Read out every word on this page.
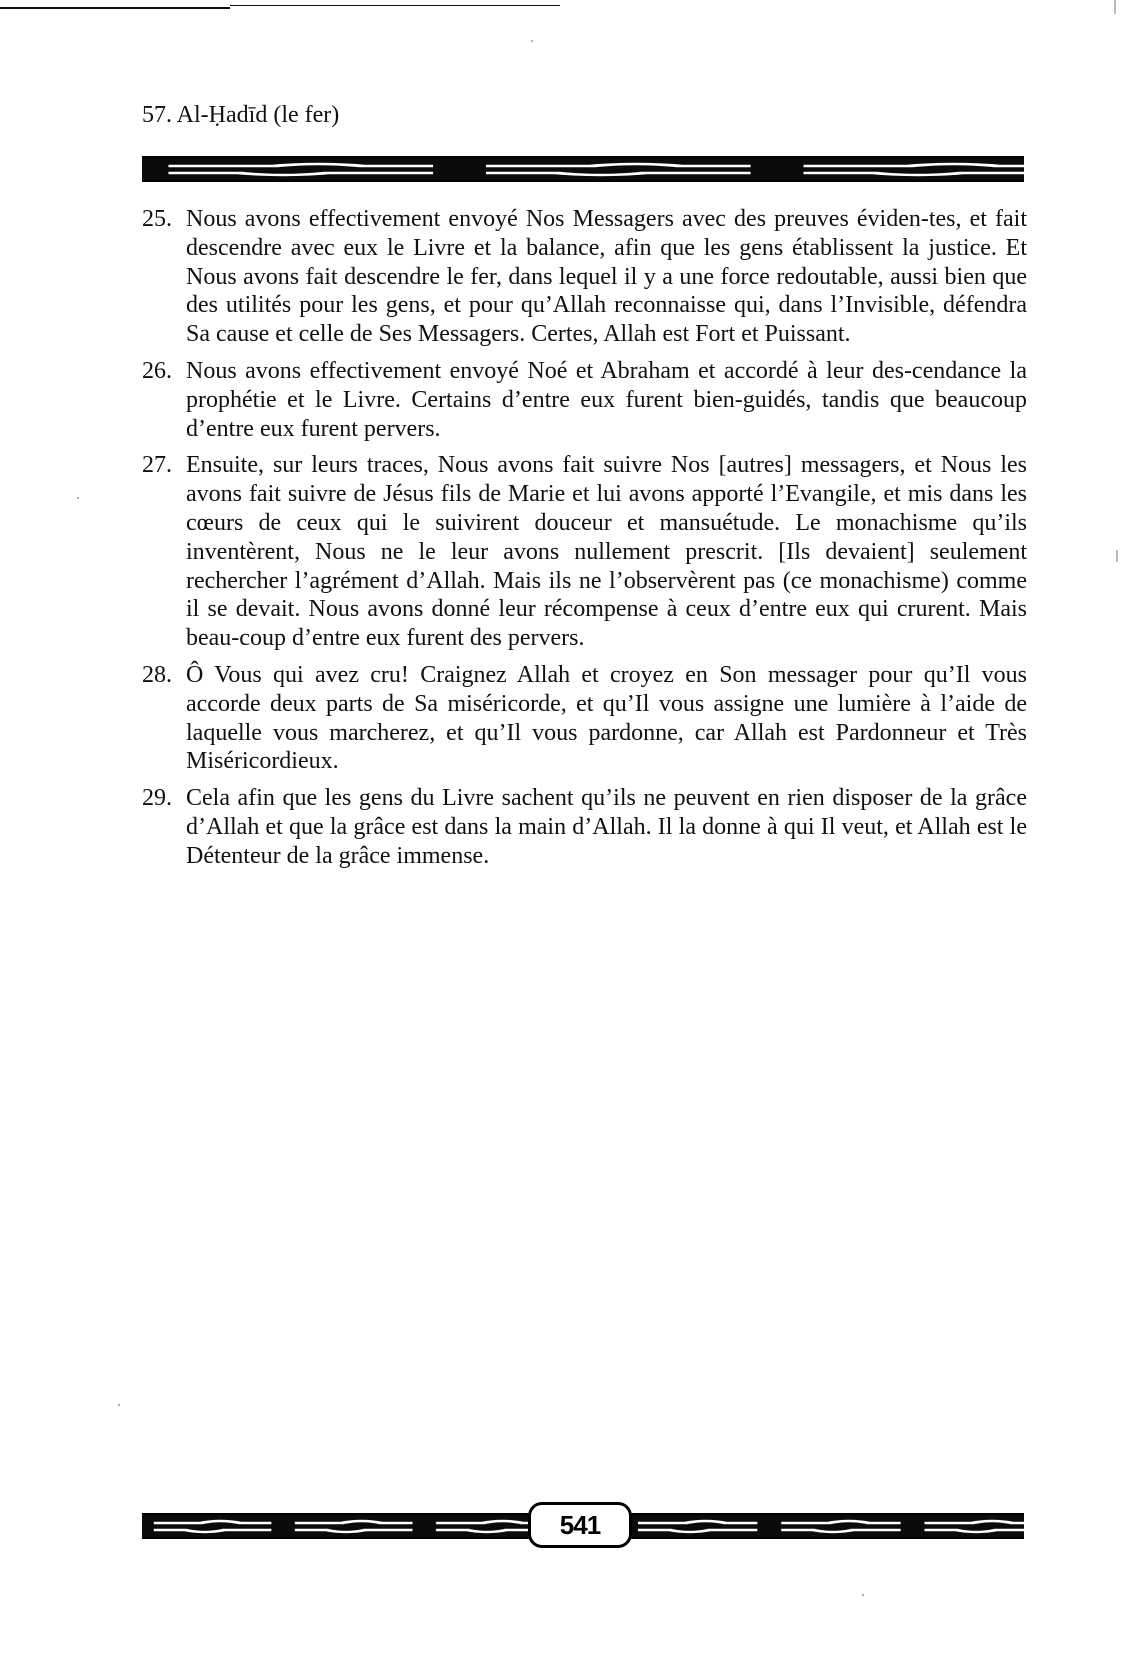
57. Al-Ḥadīd (le fer)
25. Nous avons effectivement envoyé Nos Messagers avec des preuves éviden-tes, et fait descendre avec eux le Livre et la balance, afin que les gens établissent la justice. Et Nous avons fait descendre le fer, dans lequel il y a une force redoutable, aussi bien que des utilités pour les gens, et pour qu’Allah reconnaisse qui, dans l’Invisible, défendra Sa cause et celle de Ses Messagers. Certes, Allah est Fort et Puissant.
26. Nous avons effectivement envoyé Noé et Abraham et accordé à leur des-cendance la prophétie et le Livre. Certains d’entre eux furent bien-guidés, tandis que beaucoup d’entre eux furent pervers.
27. Ensuite, sur leurs traces, Nous avons fait suivre Nos [autres] messagers, et Nous les avons fait suivre de Jésus fils de Marie et lui avons apporté l’Evangile, et mis dans les cœurs de ceux qui le suivirent douceur et mansuétude. Le monachisme qu’ils inventèrent, Nous ne le leur avons nullement prescrit. [Ils devaient] seulement rechercher l’agrément d’Allah. Mais ils ne l’observèrent pas (ce monachisme) comme il se devait. Nous avons donné leur récompense à ceux d’entre eux qui crurent. Mais beau-coup d’entre eux furent des pervers.
28. Ô Vous qui avez cru! Craignez Allah et croyez en Son messager pour qu’Il vous accorde deux parts de Sa miséricorde, et qu’Il vous assigne une lumière à l’aide de laquelle vous marcherez, et qu’Il vous pardonne, car Allah est Pardonneur et Très Miséricordieux.
29. Cela afin que les gens du Livre sachent qu’ils ne peuvent en rien disposer de la grâce d’Allah et que la grâce est dans la main d’Allah. Il la donne à qui Il veut, et Allah est le Détenteur de la grâce immense.
541
